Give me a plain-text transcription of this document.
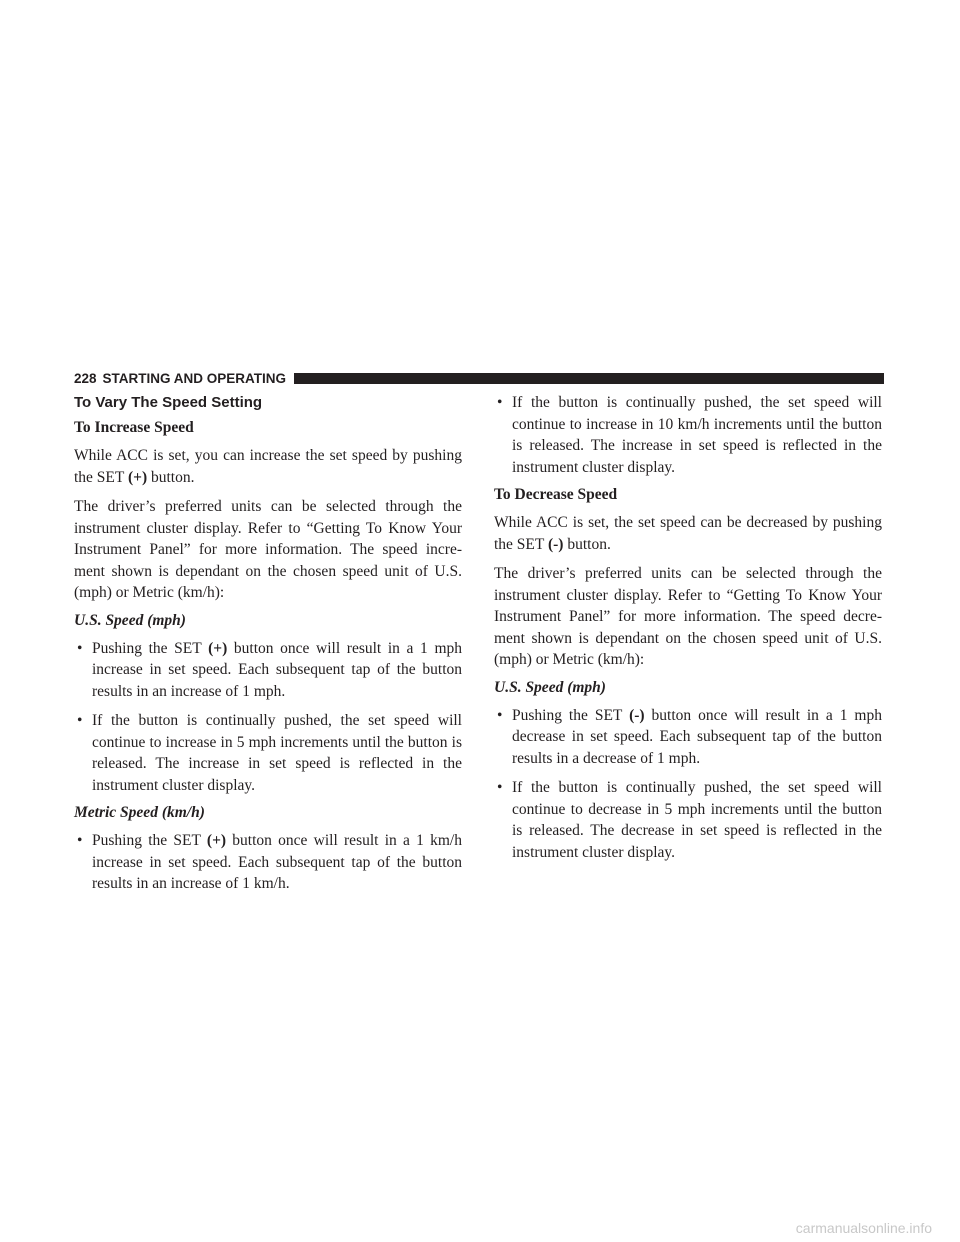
228 STARTING AND OPERATING
To Vary The Speed Setting
To Increase Speed

While ACC is set, you can increase the set speed by pushing the SET (+) button.

The driver’s preferred units can be selected through the instrument cluster display. Refer to “Getting To Know Your Instrument Panel” for more information. The speed incre- ment shown is dependant on the chosen speed unit of U.S. (mph) or Metric (km/h):

U.S. Speed (mph)
• Pushing the SET (+) button once will result in a 1 mph increase in set speed. Each subsequent tap of the button results in an increase of 1 mph.
• If the button is continually pushed, the set speed will continue to increase in 5 mph increments until the button is released. The increase in set speed is reflected in the instrument cluster display.
Metric Speed (km/h)
• Pushing the SET (+) button once will result in a 1 km/h increase in set speed. Each subsequent tap of the button results in an increase of 1 km/h.
• If the button is continually pushed, the set speed will continue to increase in 10 km/h increments until the button is released. The increase in set speed is reflected in the instrument cluster display.
To Decrease Speed

While ACC is set, the set speed can be decreased by pushing the SET (-) button.

The driver’s preferred units can be selected through the instrument cluster display. Refer to “Getting To Know Your Instrument Panel” for more information. The speed decre- ment shown is dependant on the chosen speed unit of U.S. (mph) or Metric (km/h):

U.S. Speed (mph)
• Pushing the SET (-) button once will result in a 1 mph decrease in set speed. Each subsequent tap of the button results in a decrease of 1 mph.
• If the button is continually pushed, the set speed will continue to decrease in 5 mph increments until the button is released. The decrease in set speed is reflected in the instrument cluster display.
carmanualsonline.info
